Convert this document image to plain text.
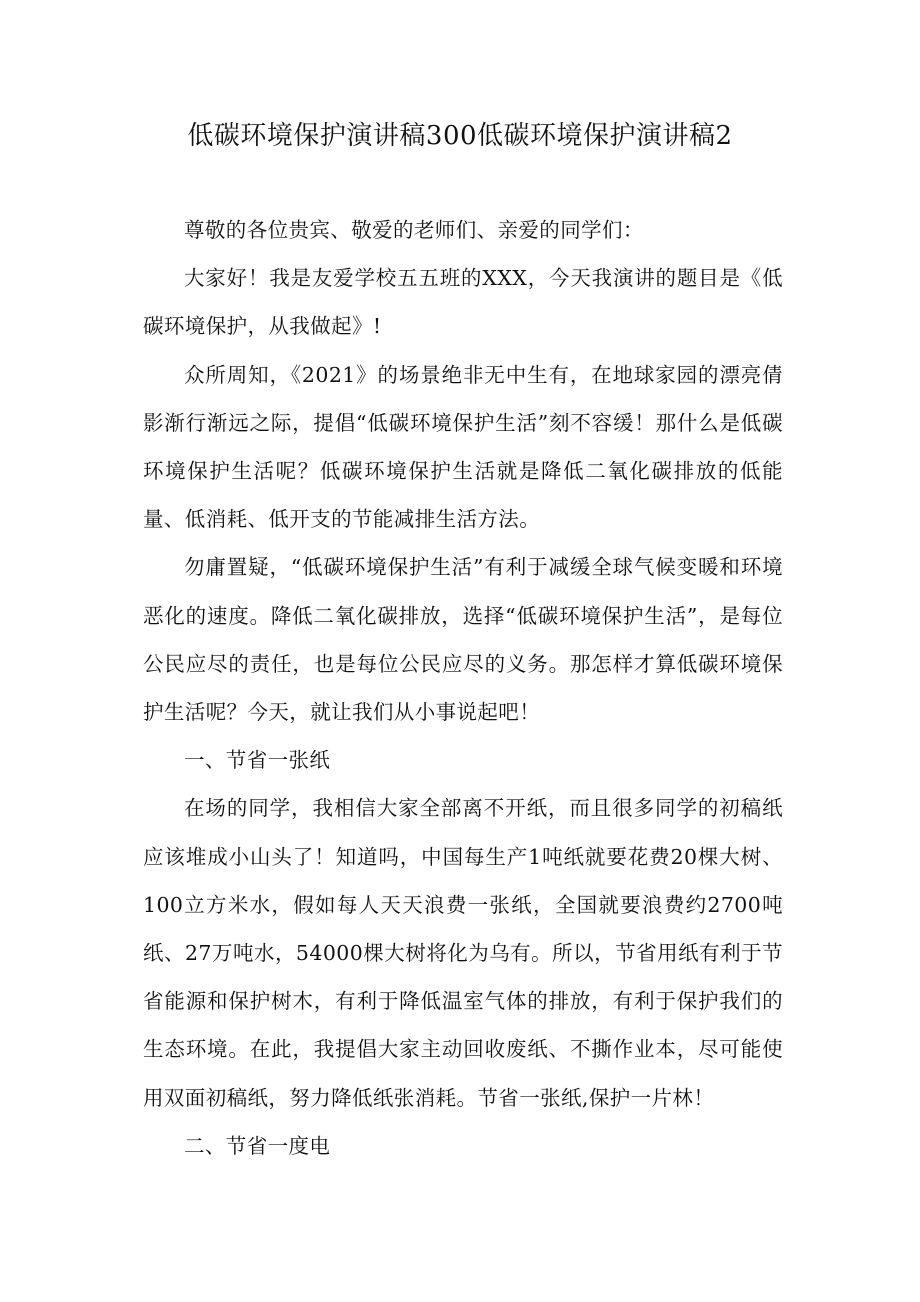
低碳环境保护演讲稿300低碳环境保护演讲稿2

尊敬的各位贵宾、敬爱的老师们、亲爱的同学们：

大家好！我是友爱学校五五班的XXX，今天我演讲的题目是《低碳环境保护，从我做起》!

众所周知，《2021》的场景绝非无中生有，在地球家园的漂亮倩影渐行渐远之际，提倡“低碳环境保护生活”刻不容缓！那什么是低碳环境保护生活呢？低碳环境保护生活就是降低二氧化碳排放的低能量、低消耗、低开支的节能减排生活方法。

勿庸置疑，“低碳环境保护生活”有利于减缓全球气候变暖和环境恶化的速度。降低二氧化碳排放，选择“低碳环境保护生活”，是每位公民应尽的责任，也是每位公民应尽的义务。那怎样才算低碳环境保护生活呢？今天，就让我们从小事说起吧！

一、节省一张纸

在场的同学，我相信大家全部离不开纸，而且很多同学的初稿纸应该堆成小山头了！知道吗，中国每生产1吨纸就要花费20棵大树、100立方米水，假如每人天天浪费一张纸，全国就要浪费约2700吨纸、27万吨水，54000棵大树将化为乌有。所以，节省用纸有利于节省能源和保护树木，有利于降低温室气体的排放，有利于保护我们的生态环境。在此，我提倡大家主动回收废纸、不撕作业本，尽可能使用双面初稿纸，努力降低纸张消耗。节省一张纸,保护一片林！

二、节省一度电
